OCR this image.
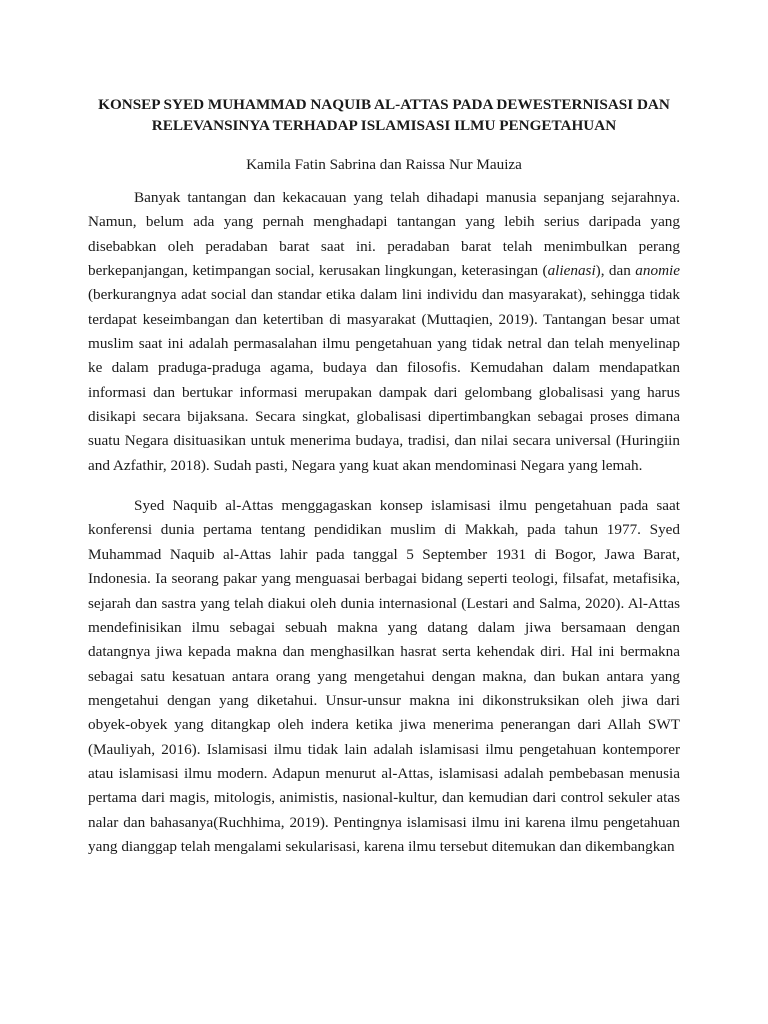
KONSEP SYED MUHAMMAD NAQUIB AL-ATTAS PADA DEWESTERNISASI DAN
RELEVANSINYA TERHADAP ISLAMISASI ILMU PENGETAHUAN

Kamila Fatin Sabrina dan Raissa Nur Mauiza

Banyak tantangan dan kekacauan yang telah dihadapi manusia sepanjang sejarahnya. Namun, belum ada yang pernah menghadapi tantangan yang lebih serius daripada yang disebabkan oleh peradaban barat saat ini. peradaban barat telah menimbulkan perang berkepanjangan, ketimpangan social, kerusakan lingkungan, keterasingan (alienasi), dan anomie (berkurangnya adat social dan standar etika dalam lini individu dan masyarakat), sehingga tidak terdapat keseimbangan dan ketertiban di masyarakat (Muttaqien, 2019). Tantangan besar umat muslim saat ini adalah permasalahan ilmu pengetahuan yang tidak netral dan telah menyelinap ke dalam praduga-praduga agama, budaya dan filosofis. Kemudahan dalam mendapatkan informasi dan bertukar informasi merupakan dampak dari gelombang globalisasi yang harus disikapi secara bijaksana. Secara singkat, globalisasi dipertimbangkan sebagai proses dimana suatu Negara disituasikan untuk menerima budaya, tradisi, dan nilai secara universal (Huringiin and Azfathir, 2018). Sudah pasti, Negara yang kuat akan mendominasi Negara yang lemah.

Syed Naquib al-Attas menggagaskan konsep islamisasi ilmu pengetahuan pada saat konferensi dunia pertama tentang pendidikan muslim di Makkah, pada tahun 1977. Syed Muhammad Naquib al-Attas lahir pada tanggal 5 September 1931 di Bogor, Jawa Barat, Indonesia. Ia seorang pakar yang menguasai berbagai bidang seperti teologi, filsafat, metafisika, sejarah dan sastra yang telah diakui oleh dunia internasional (Lestari and Salma, 2020). Al-Attas mendefinisikan ilmu sebagai sebuah makna yang datang dalam jiwa bersamaan dengan datangnya jiwa kepada makna dan menghasilkan hasrat serta kehendak diri. Hal ini bermakna sebagai satu kesatuan antara orang yang mengetahui dengan makna, dan bukan antara yang mengetahui dengan yang diketahui. Unsur-unsur makna ini dikonstruksikan oleh jiwa dari obyek-obyek yang ditangkap oleh indera ketika jiwa menerima penerangan dari Allah SWT (Mauliyah, 2016). Islamisasi ilmu tidak lain adalah islamisasi ilmu pengetahuan kontemporer atau islamisasi ilmu modern. Adapun menurut al-Attas, islamisasi adalah pembebasan menusia pertama dari magis, mitologis, animistis, nasional-kultur, dan kemudian dari control sekuler atas nalar dan bahasanya(Ruchhima, 2019). Pentingnya islamisasi ilmu ini karena ilmu pengetahuan yang dianggap telah mengalami sekularisasi, karena ilmu tersebut ditemukan dan dikembangkan
